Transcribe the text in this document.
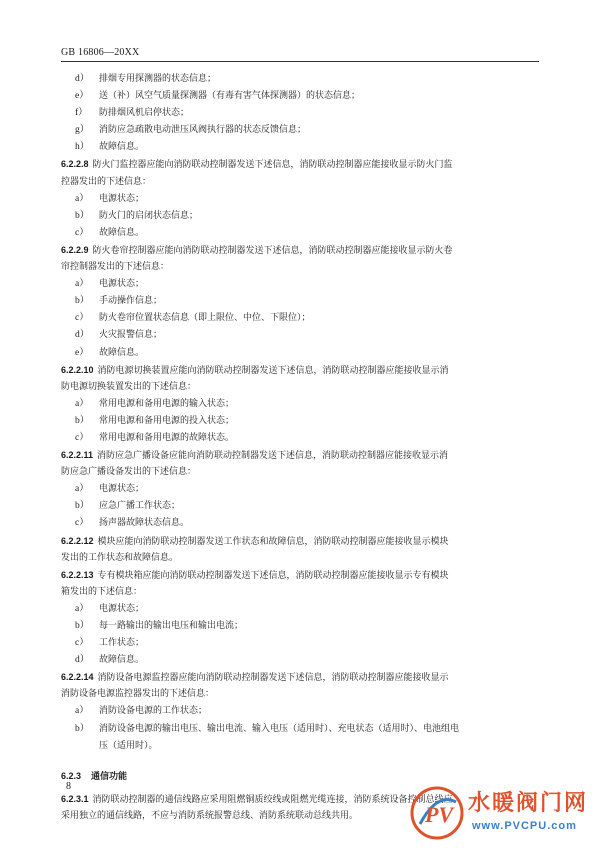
GB 16806—20XX
d） 排烟专用探测器的状态信息；
e） 送（补）风空气质量探测器（有毒有害气体探测器）的状态信息；
f） 防排烟风机启停状态；
g） 消防应急疏散电动泄压风阀执行器的状态反馈信息；
h） 故障信息。
6.2.2.8 防火门监控器应能向消防联动控制器发送下述信息，消防联动控制器应能接收显示防火门监
控器发出的下述信息：
a） 电源状态；
b） 防火门的启闭状态信息；
c） 故障信息。
6.2.2.9 防火卷帘控制器应能向消防联动控制器发送下述信息，消防联动控制器应能接收显示防火卷
帘控制器发出的下述信息：
a） 电源状态；
b） 手动操作信息；
c） 防火卷帘位置状态信息（即上限位、中位、下限位）；
d） 火灾报警信息；
e） 故障信息。
6.2.2.10 消防电源切换装置应能向消防联动控制器发送下述信息，消防联动控制器应能接收显示消
防电源切换装置发出的下述信息：
a） 常用电源和备用电源的输入状态；
b） 常用电源和备用电源的投入状态；
c） 常用电源和备用电源的故障状态。
6.2.2.11 消防应急广播设备应能向消防联动控制器发送下述信息，消防联动控制器应能接收显示消
防应急广播设备发出的下述信息：
a） 电源状态；
b） 应急广播工作状态；
c） 扬声器故障状态信息。
6.2.2.12 模块应能向消防联动控制器发送工作状态和故障信息，消防联动控制器应能接收显示模块
发出的工作状态和故障信息。
6.2.2.13 专有模块箱应能向消防联动控制器发送下述信息，消防联动控制器应能接收显示专有模块
箱发出的下述信息：
a） 电源状态；
b） 每一路输出的输出电压和输出电流；
c） 工作状态；
d） 故障信息。
6.2.2.14 消防设备电源监控器应能向消防联动控制器发送下述信息，消防联动控制器应能接收显示
消防设备电源监控器发出的下述信息：
a） 消防设备电源的工作状态；
b） 消防设备电源的输出电压、输出电流、输入电压（适用时）、充电状态（适用时）、电池组电
压（适用时）。
6.2.3 通信功能
6.2.3.1 消防联动控制器的通信线路应采用阻燃铜质绞线或阻燃光缆连接，消防系统设备控制总线应
采用独立的通信线路，不应与消防系统报警总线、消防系统联动总线共用。
8
PV 水暖阀门网
www.PVCPU.com
